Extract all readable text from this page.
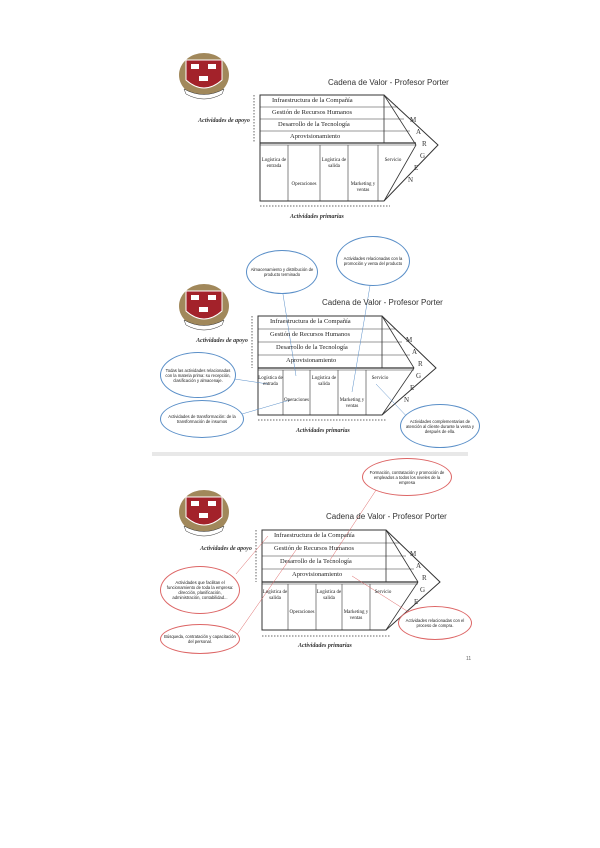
Cadena de Valor - Profesor Porter
Actividades de apoyo
Actividades primarias
Infraestructura de la Compañía
Gestión de Recursos Humanos
Desarrollo de la Tecnología
Aprovisionamiento
Logística de entrada
Operaciones
Logística de salida
Marketing y ventas
Servicio
M
A
R
G
E
N
Cadena de Valor - Profesor Porter
Actividades de apoyo
Actividades primarias
Infraestructura de la Compañía
Gestión de Recursos Humanos
Desarrollo de la Tecnología
Aprovisionamiento
Logística de entrada
Operaciones
Logística de salida
Marketing y ventas
Servicio
M
A
R
G
E
N
Almacenamiento y distribución de producto terminado
Actividades relacionadas con la promoción y venta del producto
Todas las actividades relacionadas con la materia prima: su recepción, clasificación y almacenaje.
Actividades de transformación: de la transformación de insumos	Actividades complementarias de atención al cliente durante la venta y después de ella.
Cadena de Valor - Profesor Porter
Actividades de apoyo
Actividades primarias
Infraestructura de la Compañía
Gestión de Recursos Humanos
Desarrollo de la Tecnología
Aprovisionamiento
Logística de salida
Operaciones
Logística de salida
Marketing y ventas
Servicio
M
A
R
G
E
Formación, contratación y promoción de empleados a todos los niveles de la empresa
Actividades que facilitan el funcionamiento de toda la empresa: dirección, planificación, administración, contabilidad...
Búsqueda, contratación y capacitación del personal.
Actividades relacionadas con el proceso de compra.
11
